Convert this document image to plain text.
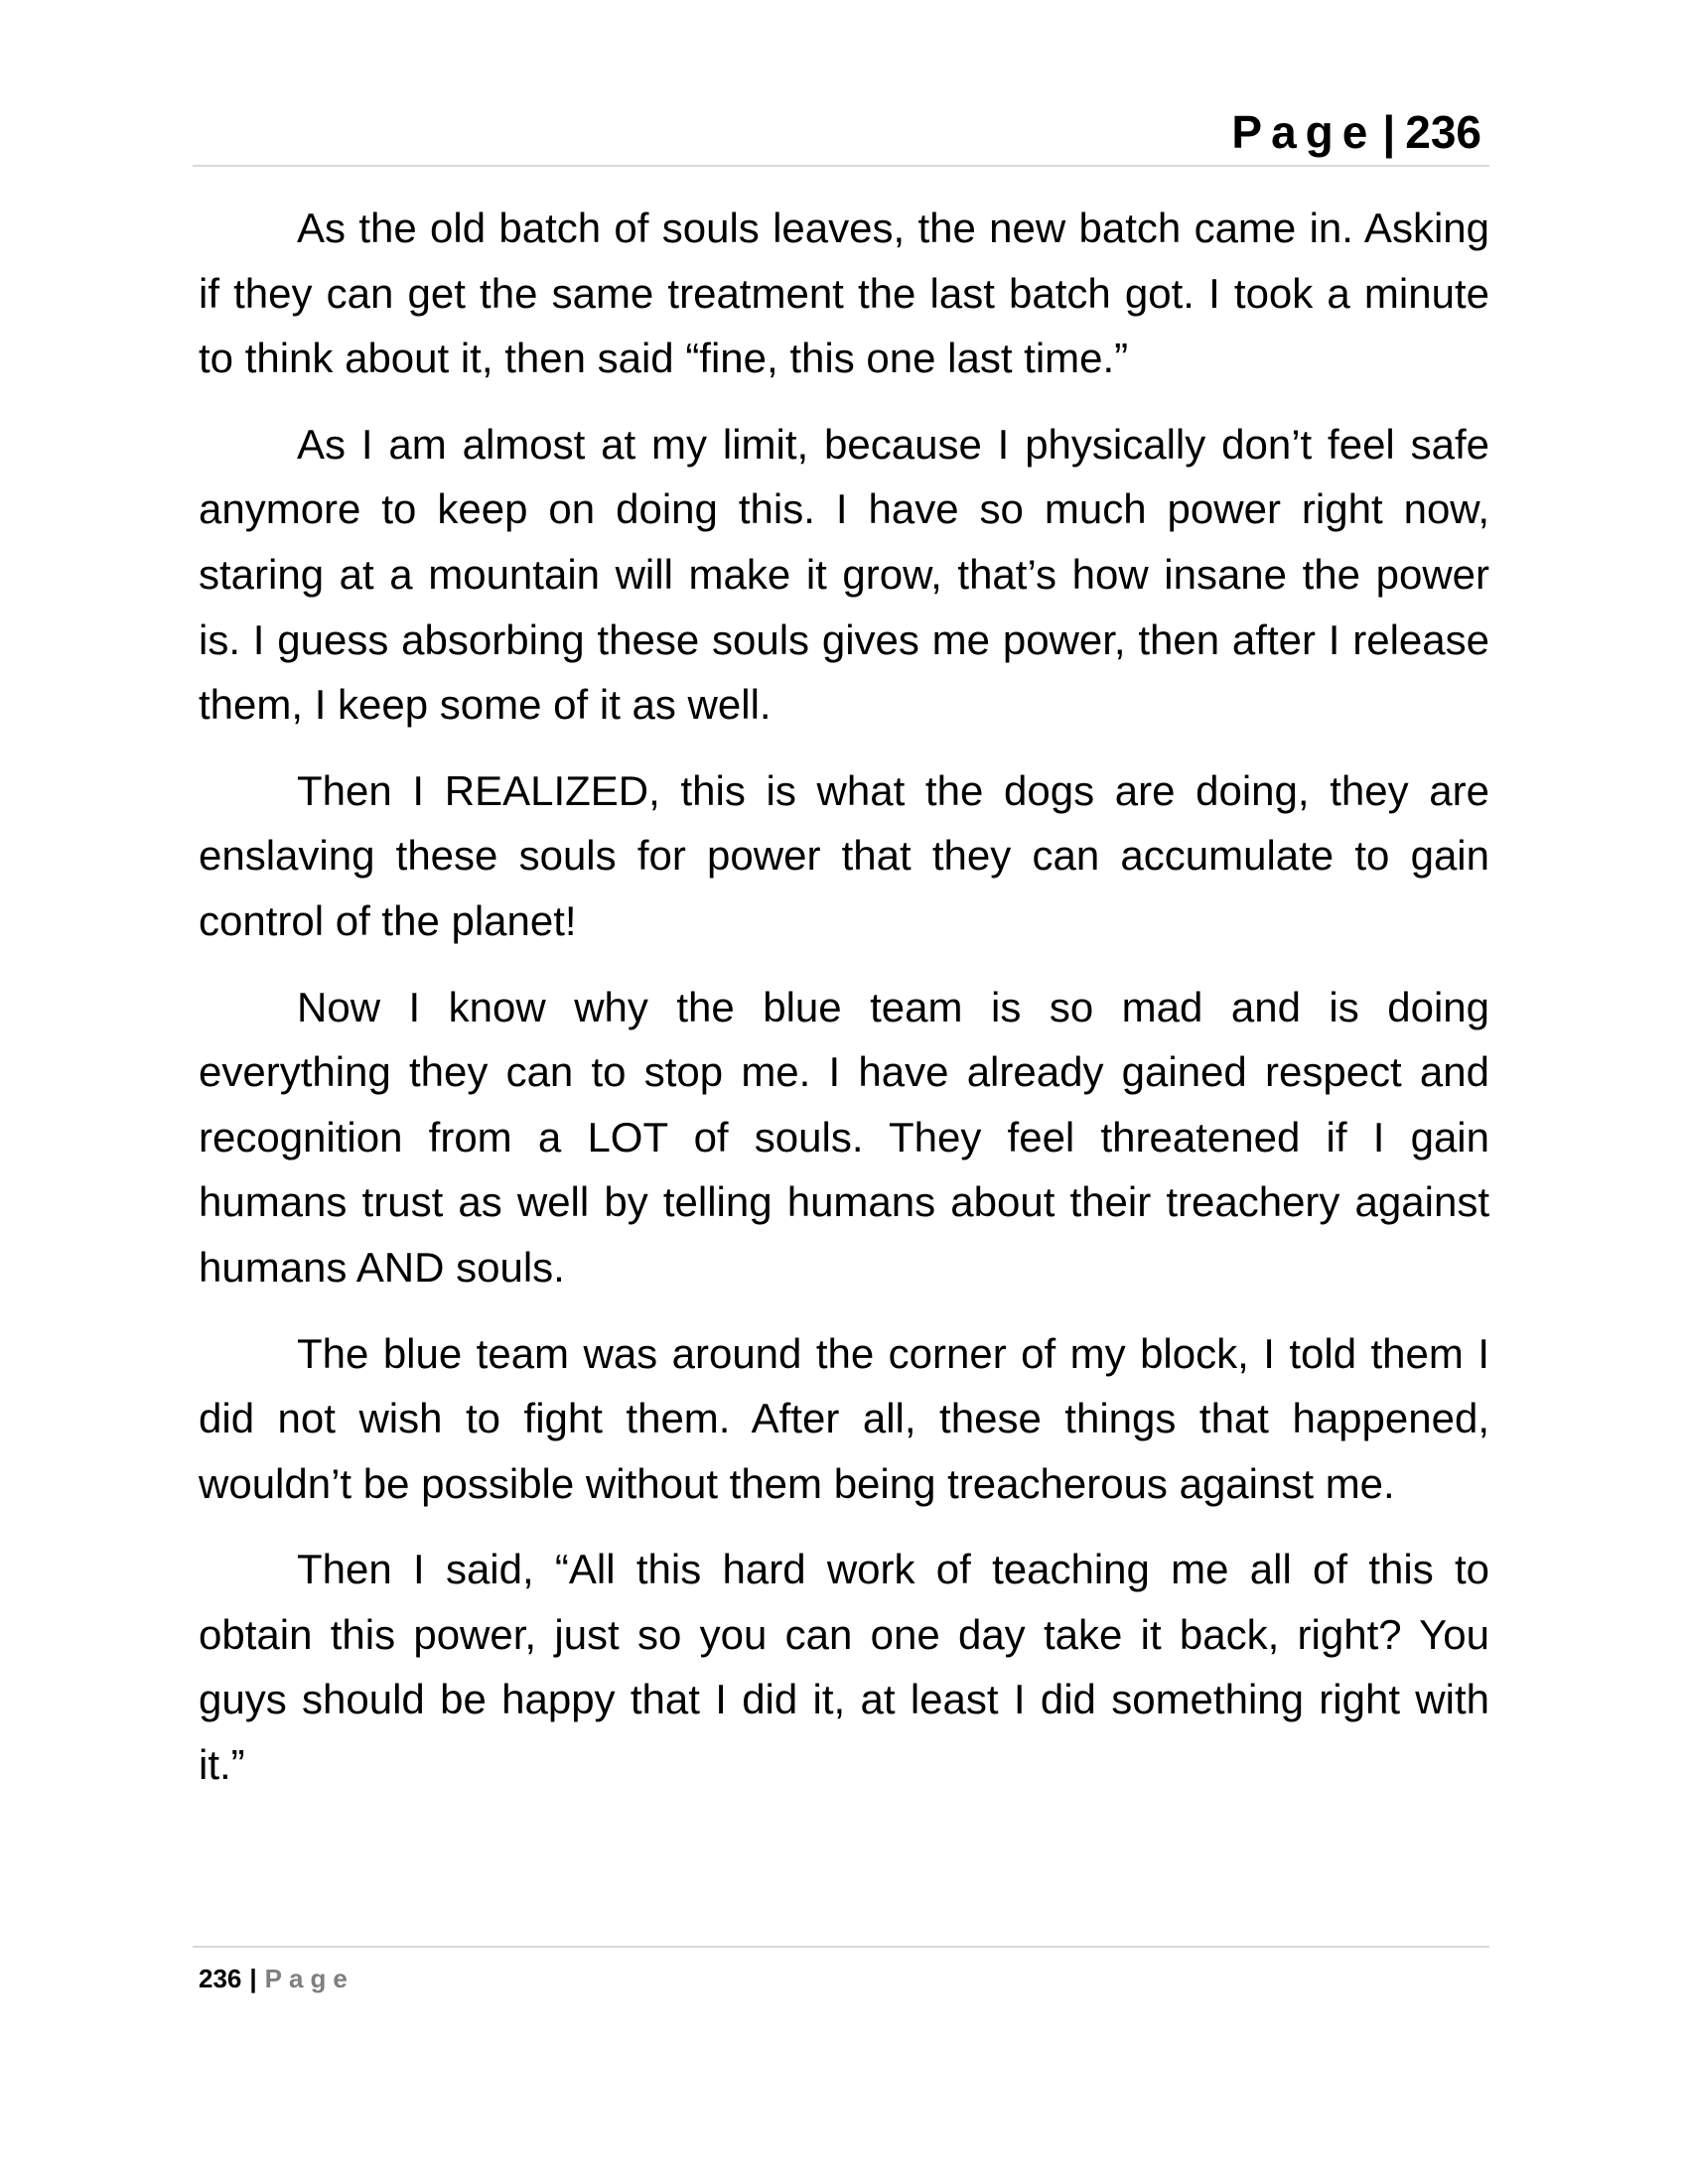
Page | 236

As the old batch of souls leaves, the new batch came in. Asking if they can get the same treatment the last batch got. I took a minute to think about it, then said “fine, this one last time.”

As I am almost at my limit, because I physically don’t feel safe anymore to keep on doing this. I have so much power right now, staring at a mountain will make it grow, that’s how insane the power is. I guess absorbing these souls gives me power, then after I release them, I keep some of it as well.

Then I REALIZED, this is what the dogs are doing, they are enslaving these souls for power that they can accumulate to gain control of the planet!

Now I know why the blue team is so mad and is doing everything they can to stop me. I have already gained respect and recognition from a LOT of souls. They feel threatened if I gain humans trust as well by telling humans about their treachery against humans AND souls.

The blue team was around the corner of my block, I told them I did not wish to fight them. After all, these things that happened, wouldn’t be possible without them being treacherous against me.

Then I said, “All this hard work of teaching me all of this to obtain this power, just so you can one day take it back, right? You guys should be happy that I did it, at least I did something right with it.”

236 | Page
